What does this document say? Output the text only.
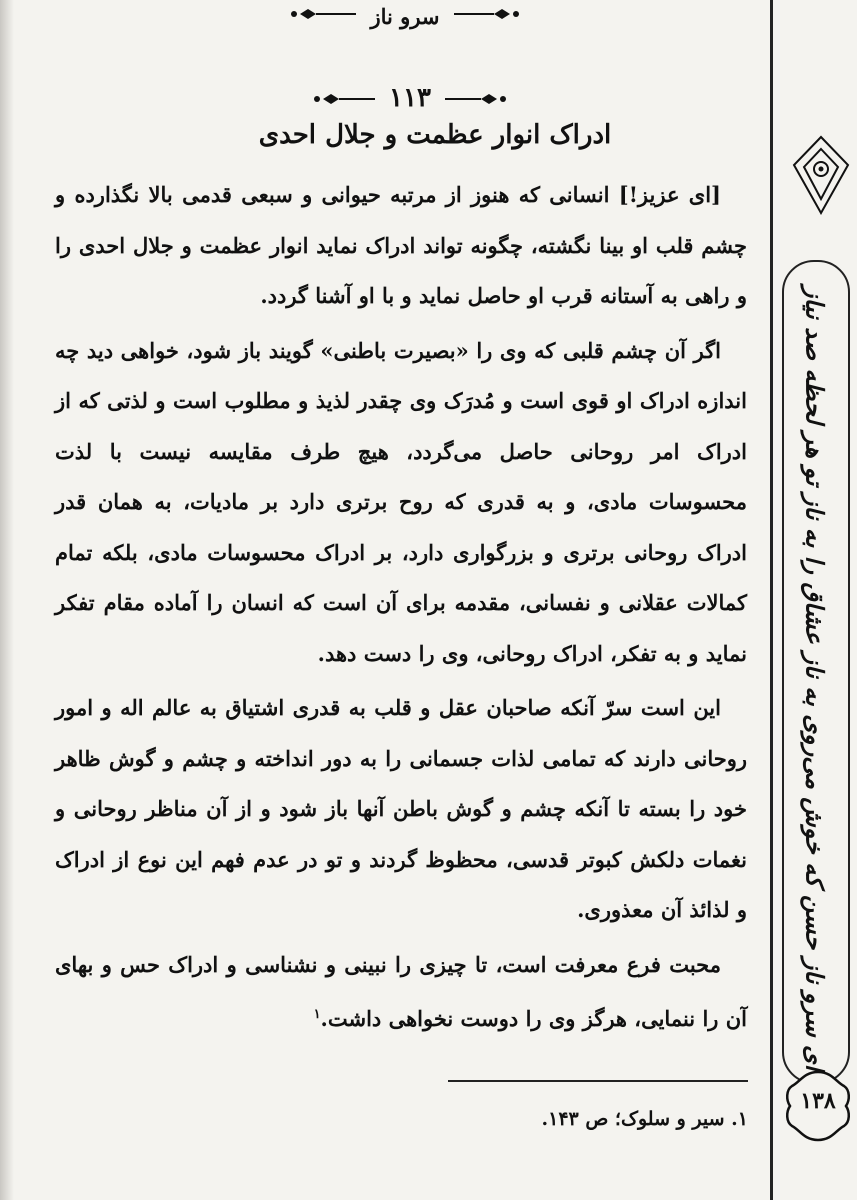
سرو ناز
۱۱۳
ادراک انوار عظمت و جلال احدی

[ای عزیز!] انسانی که هنوز از مرتبه حیوانی و سبعی قدمی بالا نگذارده و چشم قلب او بینا نگشته، چگونه تواند ادراک نماید انوار عظمت و جلال احدی را و راهی به آستانه قرب او حاصل نماید و با او آشنا گردد.

اگر آن چشم قلبی که وی را «بصیرت باطنی» گویند باز شود، خواهی دید چه اندازه ادراک او قوی است و مُدرَک وی چقدر لذیذ و مطلوب است و لذتی که از ادراک امر روحانی حاصل می‌گردد، هیچ طرف مقایسه نیست با لذت محسوسات مادی، و به قدری که روح برتری دارد بر مادیات، به همان قدر ادراک روحانی برتری و بزرگواری دارد، بر ادراک محسوسات مادی، بلکه تمام کمالات عقلانی و نفسانی، مقدمه برای آن است که انسان را آماده مقام تفکر نماید و به تفکر، ادراک روحانی، وی را دست دهد.

این است سرّ آنکه صاحبان عقل و قلب به قدری اشتیاق به عالم اله و امور روحانی دارند که تمامی لذات جسمانی را به دور انداخته و چشم و گوش ظاهر خود را بسته تا آنکه چشم و گوش باطن آنها باز شود و از آن مناظر روحانی و نغمات دلکش کبوتر قدسی، محظوظ گردند و تو در عدم فهم این نوع از ادراک و لذائذ آن معذوری.

محبت فرع معرفت است، تا چیزی را نبینی و نشناسی و ادراک حس و بهای آن را ننمایی، هرگز وی را دوست نخواهی داشت.$^۱$

۱. سیر و سلوک؛ ص ۱۴۳.
ای سرو ناز حسن که خوش می‌روی به ناز عشاق را به ناز تو هر لحظه صد نیاز
۱۳۸
